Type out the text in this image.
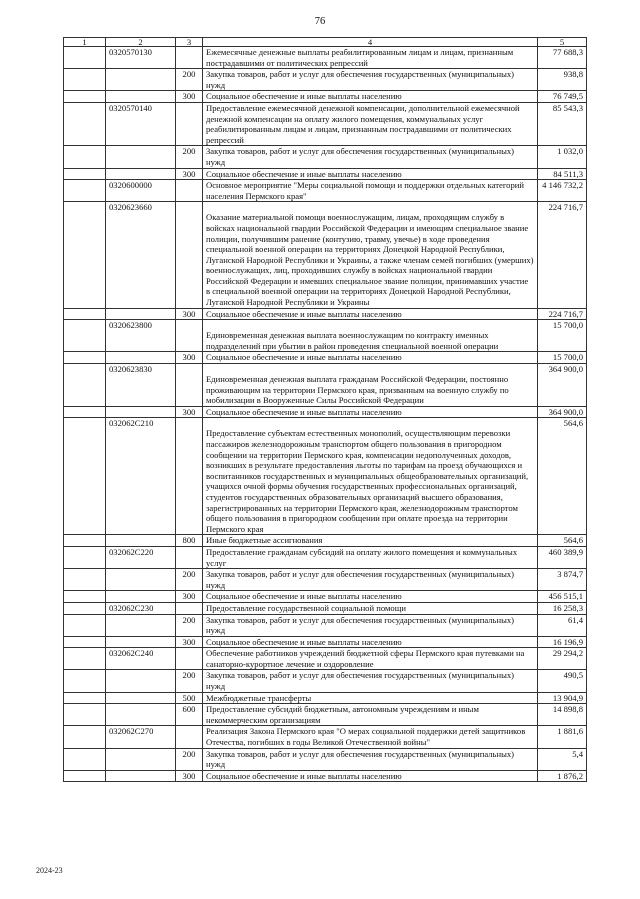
76
1	2	3	4	5
	0320570130		Ежемесячные денежные выплаты реабилитированным лицам и лицам, признанным пострадавшими от политических репрессий	77 688,3
		200	Закупка товаров, работ и услуг для обеспечения государственных (муниципальных) нужд	938,8
		300	Социальное обеспечение и иные выплаты населению	76 749,5
	0320570140		Предоставление ежемесячной денежной компенсации, дополнительной ежемесячной денежной компенсации на оплату жилого помещения, коммунальных услуг реабилитированным лицам и лицам, признанным пострадавшими от политических репрессий	85 543,3
		200	Закупка товаров, работ и услуг для обеспечения государственных (муниципальных) нужд	1 032,0
		300	Социальное обеспечение и иные выплаты населению	84 511,3
	0320600000		Основное мероприятие "Меры социальной помощи и поддержки отдельных категорий населения Пермского края"	4 146 732,2
	0320623660		Оказание материальной помощи военнослужащим, лицам, проходящим службу в войсках национальной гвардии Российской Федерации и имеющим специальное звание полиции, получившим ранение (контузию, травму, увечье) в ходе проведения специальной военной операции на территориях Донецкой Народной Республики, Луганской Народной Республики и Украины, а также членам семей погибших (умерших) военнослужащих, лиц, проходивших службу в войсках национальной гвардии Российской Федерации и имевших специальное звание полиции, принимавших участие в специальной военной операции на территориях Донецкой Народной Республики, Луганской Народной Республики и Украины	224 716,7
		300	Социальное обеспечение и иные выплаты населению	224 716,7
	0320623800		Единовременная денежная выплата военнослужащим по контракту именных подразделений при убытии в район проведения специальной военной операции	15 700,0
		300	Социальное обеспечение и иные выплаты населению	15 700,0
	0320623830		Единовременная денежная выплата гражданам Российской Федерации, постоянно проживающим на территории Пермского края, призванным на военную службу по мобилизации в Вооруженные Силы Российской Федерации	364 900,0
		300	Социальное обеспечение и иные выплаты населению	364 900,0
	032062С210		Предоставление субъектам естественных монополий, осуществляющим перевозки пассажиров железнодорожным транспортом общего пользования в пригородном сообщении на территории Пермского края, компенсации недополученных доходов, возникших в результате предоставления льготы по тарифам на проезд обучающихся и воспитанников государственных и муниципальных общеобразовательных организаций, учащихся очной формы обучения государственных профессиональных организаций, студентов государственных образовательных организаций высшего образования, зарегистрированных на территории Пермского края, железнодорожным транспортом общего пользования в пригородном сообщении при оплате проезда на территории Пермского края	564,6
		800	Иные бюджетные ассигнования	564,6
	032062С220		Предоставление гражданам субсидий на оплату жилого помещения и коммунальных услуг	460 389,9
		200	Закупка товаров, работ и услуг для обеспечения государственных (муниципальных) нужд	3 874,7
		300	Социальное обеспечение и иные выплаты населению	456 515,1
	032062С230		Предоставление государственной социальной помощи	16 258,3
		200	Закупка товаров, работ и услуг для обеспечения государственных (муниципальных) нужд	61,4
		300	Социальное обеспечение и иные выплаты населению	16 196,9
	032062С240		Обеспечение работников учреждений бюджетной сферы Пермского края путевками на санаторно-курортное лечение и оздоровление	29 294,2
		200	Закупка товаров, работ и услуг для обеспечения государственных (муниципальных) нужд	490,5
		500	Межбюджетные трансферты	13 904,9
		600	Предоставление субсидий бюджетным, автономным учреждениям и иным некоммерческим организациям	14 898,8
	032062С270		Реализация Закона Пермского края "О мерах социальной поддержки детей защитников Отечества, погибших в годы Великой Отечественной войны"	1 881,6
		200	Закупка товаров, работ и услуг для обеспечения государственных (муниципальных) нужд	5,4
		300	Социальное обеспечение и иные выплаты населению	1 876,2
2024-23
